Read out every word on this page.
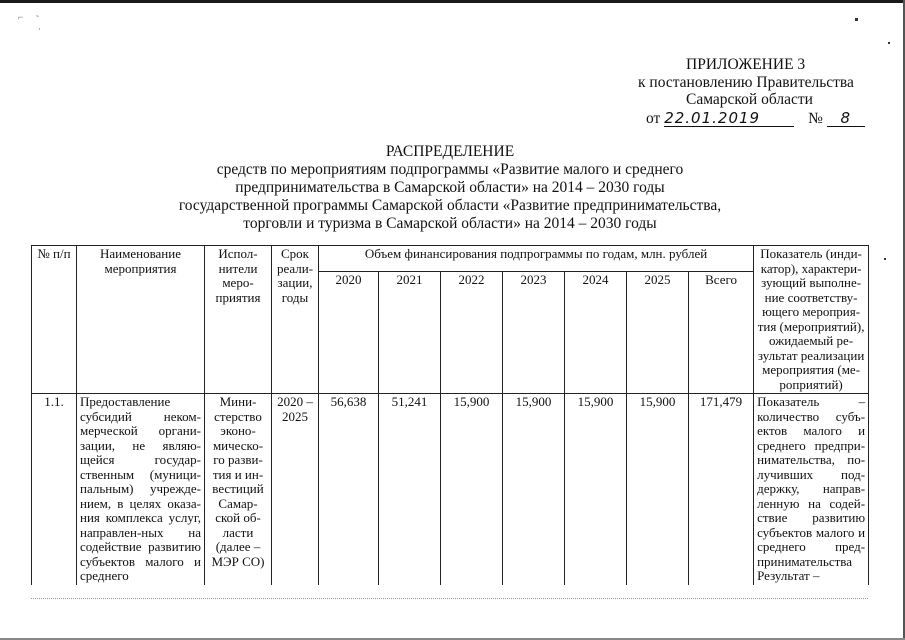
⌐ ˜
·
ПРИЛОЖЕНИЕ 3
к постановлению Правительства
Самарской области
от 22.01.2019	№ 8
РАСПРЕДЕЛЕНИЕ
средств по мероприятиям подпрограммы «Развитие малого и среднего
предпринимательства в Самарской области» на 2014 – 2030 годы
государственной программы Самарской области «Развитие предпринимательства,
торговли и туризма в Самарской области» на 2014 – 2030 годы
№ п/п	Наименование мероприятия	Испол-нители меро-приятия	Срок реали-зации, годы	Объем финансирования подпрограммы по годам, млн. рублей							Показатель (инди-катор), характери-зующий выполне-ние соответству-ющего мероприя-тия (мероприятий), ожидаемый ре-зультат реализации мероприятия (ме-роприятий)
				2020	2021	2022	2023	2024	2025	Всего	
1.1.	Предоставление субсидий неком-мерческой органи-зации, не являю-щейся государ-ственным (муници-пальным) учрежде-нием, в целях оказа-ния комплекса услуг, направлен-ных на содействие развитию субъектов малого и среднего	Мини-стерство эконо-мическо-го разви-тия и ин-вестиций Самар-ской об-ласти (далее – МЭР СО)	2020 – 2025	56,638	51,241	15,900	15,900	15,900	15,900	171,479	Показатель – количество субъ-ектов малого и среднего предпри-нимательства, по-лучивших под-держку, направ-ленную на содей-ствие развитию субъектов малого и среднего пред-принимательства Результат –
